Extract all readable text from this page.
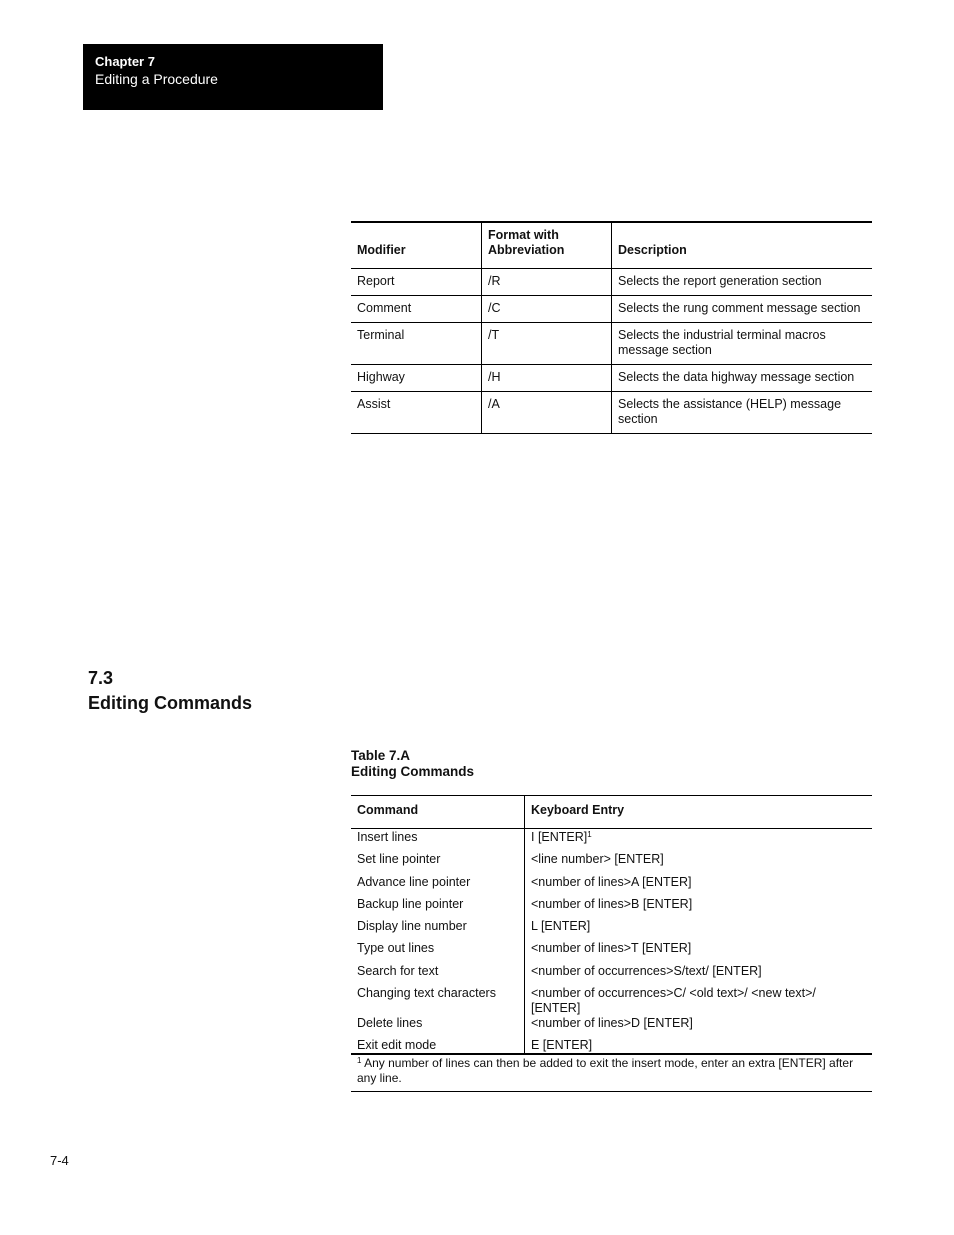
Chapter 7
Editing a Procedure
Modifier	Format with Abbreviation	Description
Report	/R	Selects the report generation section
Comment	/C	Selects the rung comment message section
Terminal	/T	Selects the industrial terminal macros message section
Highway	/H	Selects the data highway message section
Assist	/A	Selects the assistance (HELP) message section
7.3
Editing Commands
Table 7.A
Editing Commands
Command	Keyboard Entry
Insert lines	I [ENTER]$^1$
Set line pointer	<line number> [ENTER]
Advance line pointer	<number of lines>A [ENTER]
Backup line pointer	<number of lines>B [ENTER]
Display line number	L [ENTER]
Type out lines	<number of lines>T [ENTER]
Search for text	<number of occurrences>S/text/ [ENTER]
Changing text characters	<number of occurrences>C/ <old text>/ <new text>/ [ENTER]
Delete lines	<number of lines>D [ENTER]
Exit edit mode	E [ENTER]
$^1$ Any number of lines can then be added to exit the insert mode, enter an extra [ENTER] after any line.	
7-4
